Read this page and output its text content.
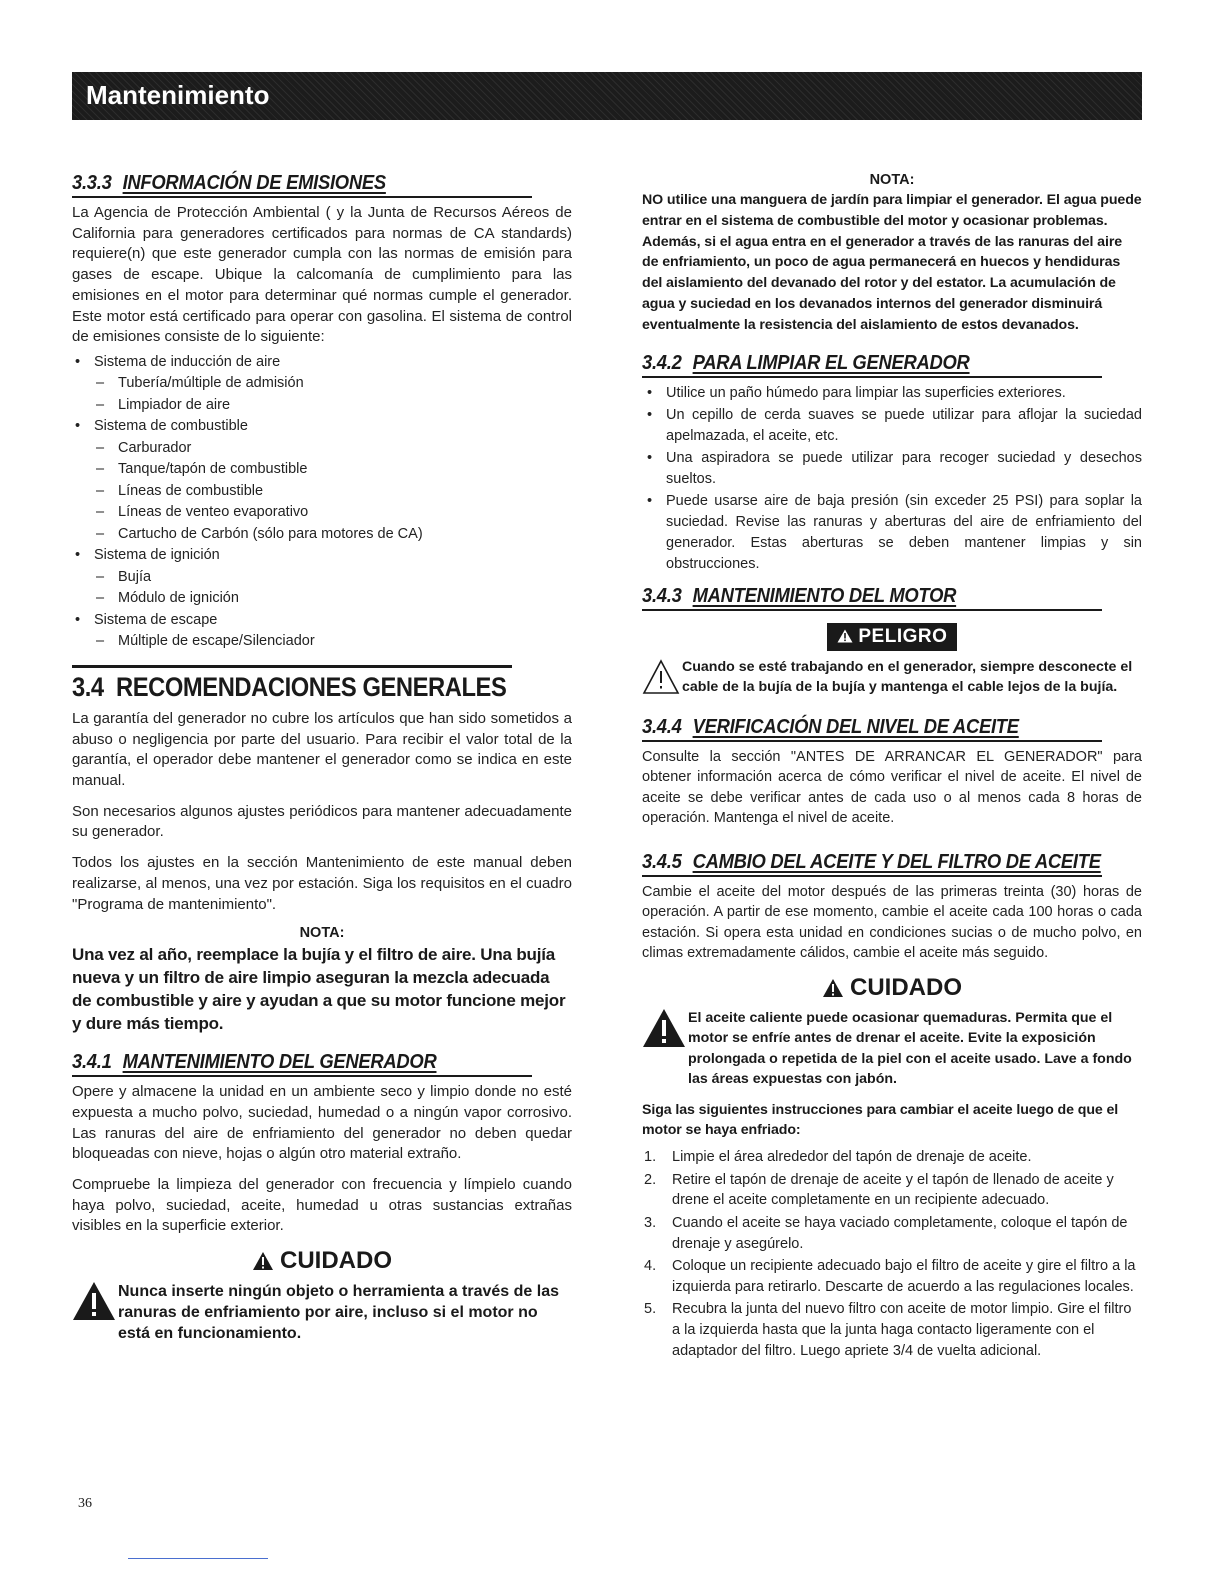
Mantenimiento
3.3.3 INFORMACIÓN DE EMISIONES

La Agencia de Protección Ambiental ( y la Junta de Recursos Aéreos de California para generadores certificados para normas de CA standards) requiere(n) que este generador cumpla con las normas de emisión para gases de escape. Ubique la calcomanía de cumplimiento para las emisiones en el motor para determinar qué normas cumple el generador. Este motor está certificado para operar con gasolina. El sistema de control de emisiones consiste de lo siguiente:

• Sistema de inducción de aire
– Tubería/múltiple de admisión
– Limpiador de aire
• Sistema de combustible
– Carburador
– Tanque/tapón de combustible
– Líneas de combustible
– Líneas de venteo evaporativo
– Cartucho de Carbón (sólo para motores de CA)
• Sistema de ignición
– Bujía
– Módulo de ignición
• Sistema de escape
– Múltiple de escape/Silenciador
3.4 RECOMENDACIONES GENERALES

La garantía del generador no cubre los artículos que han sido sometidos a abuso o negligencia por parte del usuario. Para recibir el valor total de la garantía, el operador debe mantener el generador como se indica en este manual.

Son necesarios algunos ajustes periódicos para mantener adecuadamente su generador.

Todos los ajustes en la sección Mantenimiento de este manual deben realizarse, al menos, una vez por estación. Siga los requisitos en el cuadro "Programa de mantenimiento".

NOTA:

Una vez al año, reemplace la bujía y el filtro de aire. Una bujía nueva y un filtro de aire limpio aseguran la mezcla adecuada de combustible y aire y ayudan a que su motor funcione mejor y dure más tiempo.

3.4.1 MANTENIMIENTO DEL GENERADOR

Opere y almacene la unidad en un ambiente seco y limpio donde no esté expuesta a mucho polvo, suciedad, humedad o a ningún vapor corrosivo. Las ranuras del aire de enfriamiento del generador no deben quedar bloqueadas con nieve, hojas o algún otro material extraño.

Compruebe la limpieza del generador con frecuencia y límpielo cuando haya polvo, suciedad, aceite, humedad u otras sustancias extrañas visibles en la superficie exterior.

CUIDADO
Nunca inserte ningún objeto o herramienta a través de las ranuras de enfriamiento por aire, incluso si el motor no está en funcionamiento.
NOTA:

NO utilice una manguera de jardín para limpiar el generador. El agua puede entrar en el sistema de combustible del motor y ocasionar problemas. Además, si el agua entra en el generador a través de las ranuras del aire de enfriamiento, un poco de agua permanecerá en huecos y hendiduras del aislamiento del devanado del rotor y del estator. La acumulación de agua y suciedad en los devanados internos del generador disminuirá eventualmente la resistencia del aislamiento de estos devanados.

3.4.2 PARA LIMPIAR EL GENERADOR
• Utilice un paño húmedo para limpiar las superficies exteriores.
• Un cepillo de cerda suaves se puede utilizar para aflojar la suciedad apelmazada, el aceite, etc.
• Una aspiradora se puede utilizar para recoger suciedad y desechos sueltos.
• Puede usarse aire de baja presión (sin exceder 25 PSI) para soplar la suciedad. Revise las ranuras y aberturas del aire de enfriamiento del generador. Estas aberturas se deben mantener limpias y sin obstrucciones.
3.4.3 MANTENIMIENTO DEL MOTOR
PELIGRO
Cuando se esté trabajando en el generador, siempre desconecte el cable de la bujía de la bujía y mantenga el cable lejos de la bujía.
3.4.4 VERIFICACIÓN DEL NIVEL DE ACEITE

Consulte la sección "ANTES DE ARRANCAR EL GENERADOR" para obtener información acerca de cómo verificar el nivel de aceite. El nivel de aceite se debe verificar antes de cada uso o al menos cada 8 horas de operación. Mantenga el nivel de aceite.

3.4.5 CAMBIO DEL ACEITE Y DEL FILTRO DE ACEITE

Cambie el aceite del motor después de las primeras treinta (30) horas de operación. A partir de ese momento, cambie el aceite cada 100 horas o cada estación. Si opera esta unidad en condiciones sucias o de mucho polvo, en climas extremadamente cálidos, cambie el aceite más seguido.

CUIDADO
El aceite caliente puede ocasionar quemaduras. Permita que el motor se enfríe antes de drenar el aceite. Evite la exposición prolongada o repetida de la piel con el aceite usado. Lave a fondo las áreas expuestas con jabón.

Siga las siguientes instrucciones para cambiar el aceite luego de que el motor se haya enfriado:

1. Limpie el área alrededor del tapón de drenaje de aceite.
2. Retire el tapón de drenaje de aceite y el tapón de llenado de aceite y drene el aceite completamente en un recipiente adecuado.
3. Cuando el aceite se haya vaciado completamente, coloque el tapón de drenaje y asegúrelo.
4. Coloque un recipiente adecuado bajo el filtro de aceite y gire el filtro a la izquierda para retirarlo. Descarte de acuerdo a las regulaciones locales.
5. Recubra la junta del nuevo filtro con aceite de motor limpio. Gire el filtro a la izquierda hasta que la junta haga contacto ligeramente con el adaptador del filtro. Luego apriete 3/4 de vuelta adicional.
36
